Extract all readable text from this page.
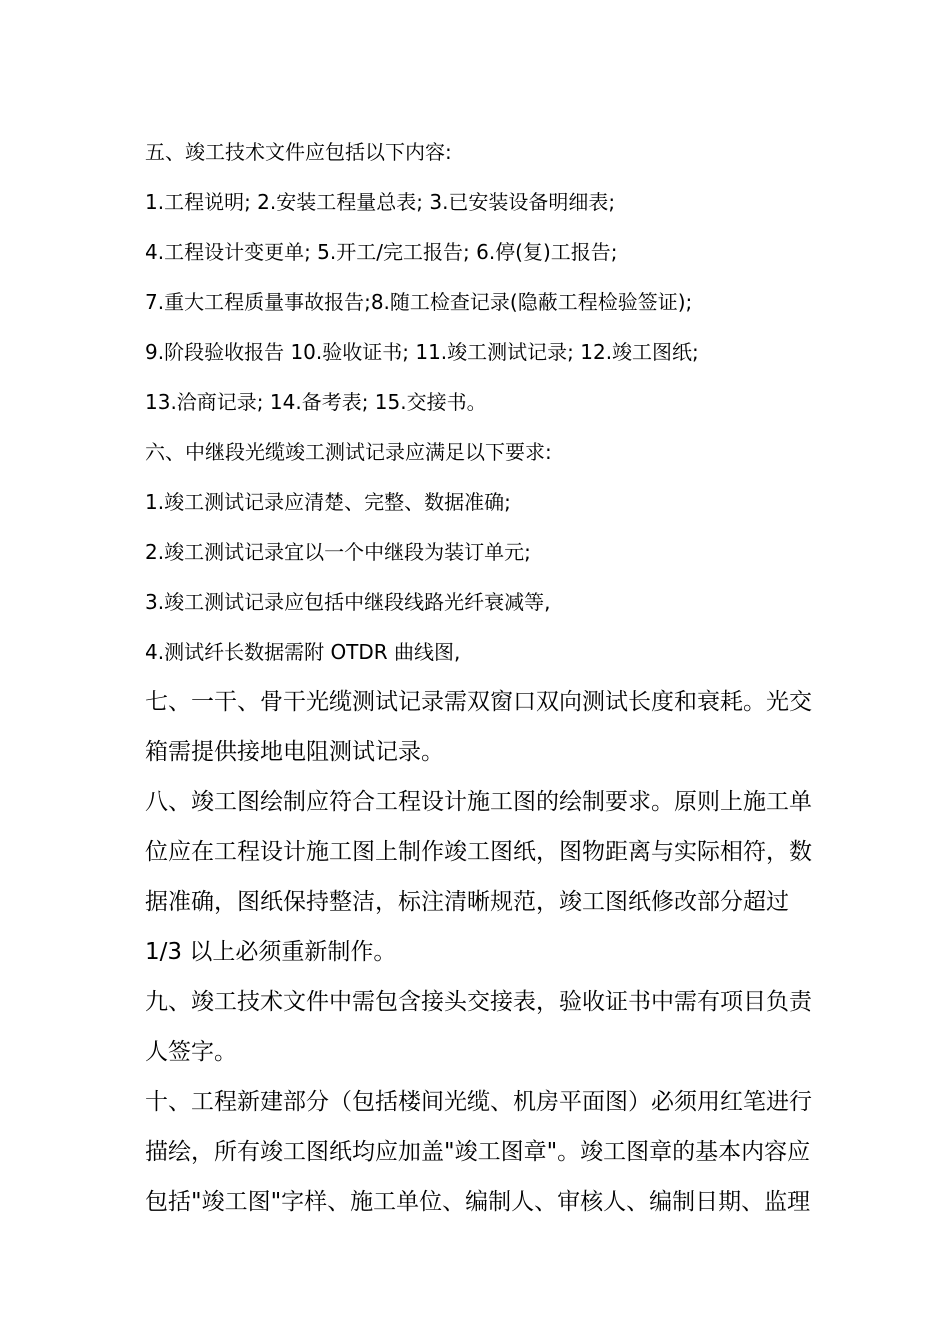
五、竣工技术文件应包括以下内容:
1.工程说明; 2.安装工程量总表; 3.已安装设备明细表;
4.工程设计变更单; 5.开工/完工报告; 6.停(复)工报告;
7.重大工程质量事故报告;8.随工检查记录(隐蔽工程检验签证);
9.阶段验收报告 10.验收证书; 11.竣工测试记录; 12.竣工图纸;
13.洽商记录; 14.备考表; 15.交接书。
六、中继段光缆竣工测试记录应满足以下要求:
1.竣工测试记录应清楚、完整、数据准确;
2.竣工测试记录宜以一个中继段为装订单元;
3.竣工测试记录应包括中继段线路光纤衰减等,
4.测试纤长数据需附 OTDR 曲线图,
七、一干、骨干光缆测试记录需双窗口双向测试长度和衰耗。光交
箱需提供接地电阻测试记录。
八、竣工图绘制应符合工程设计施工图的绘制要求。原则上施工单
位应在工程设计施工图上制作竣工图纸，图物距离与实际相符，数
据准确，图纸保持整洁，标注清晰规范，竣工图纸修改部分超过
1/3 以上必须重新制作。
九、竣工技术文件中需包含接头交接表，验收证书中需有项目负责
人签字。
十、工程新建部分（包括楼间光缆、机房平面图）必须用红笔进行
描绘，所有竣工图纸均应加盖"竣工图章"。竣工图章的基本内容应
包括"竣工图"字样、施工单位、编制人、审核人、编制日期、监理
